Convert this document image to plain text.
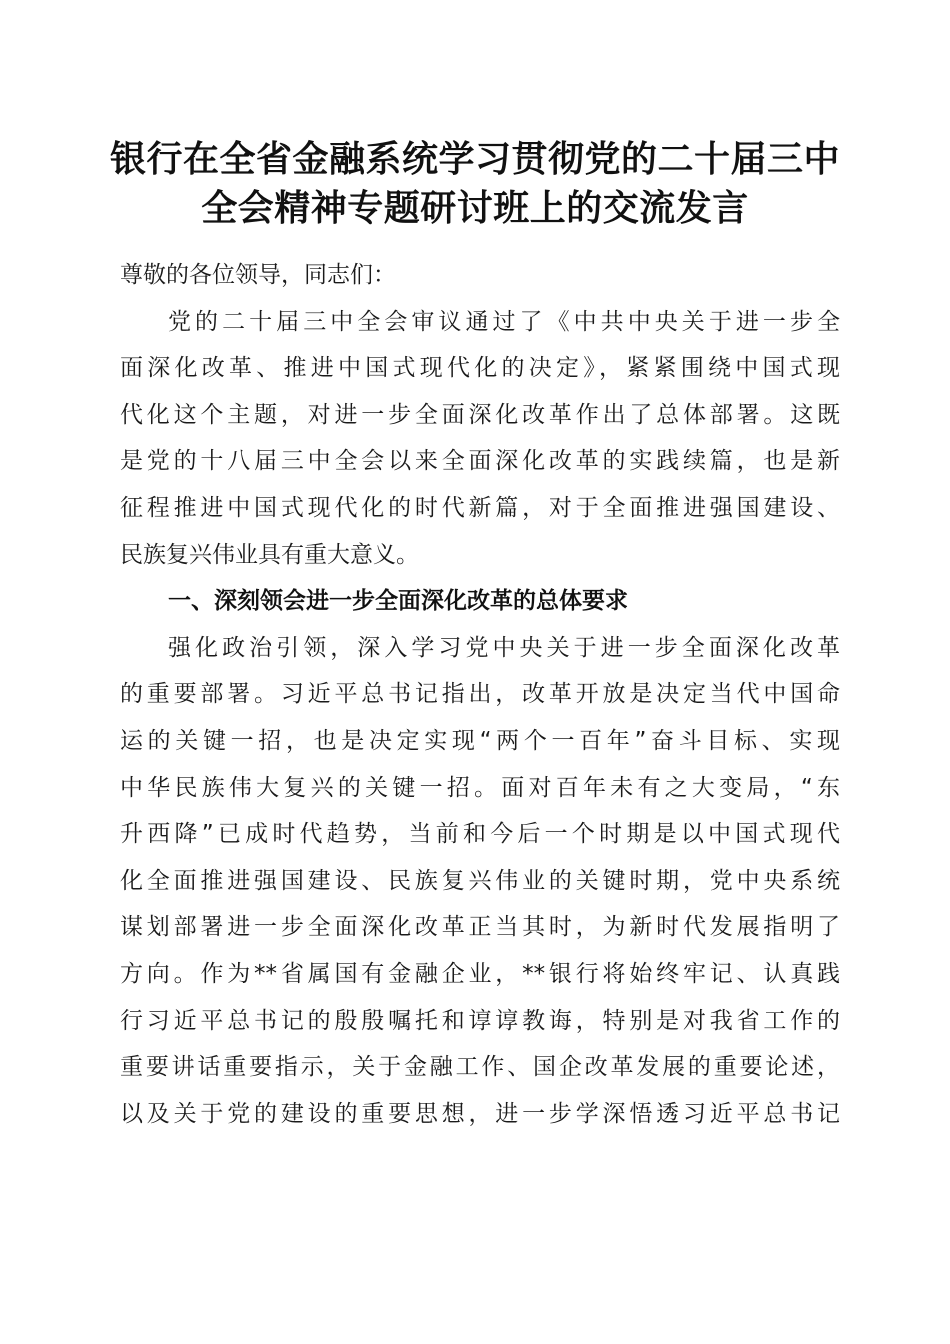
银行在全省金融系统学习贯彻党的二十届三中
全会精神专题研讨班上的交流发言

尊敬的各位领导，同志们：

党的二十届三中全会审议通过了《中共中央关于进一步全

面深化改革、推进中国式现代化的决定》，紧紧围绕中国式现

代化这个主题，对进一步全面深化改革作出了总体部署。这既

是党的十八届三中全会以来全面深化改革的实践续篇，也是新

征程推进中国式现代化的时代新篇，对于全面推进强国建设、

民族复兴伟业具有重大意义。

一、深刻领会进一步全面深化改革的总体要求

强化政治引领，深入学习党中央关于进一步全面深化改革

的重要部署。习近平总书记指出，改革开放是决定当代中国命

运的关键一招，也是决定实现“两个一百年”奋斗目标、实现

中华民族伟大复兴的关键一招。面对百年未有之大变局，“东

升西降”已成时代趋势，当前和今后一个时期是以中国式现代

化全面推进强国建设、民族复兴伟业的关键时期，党中央系统

谋划部署进一步全面深化改革正当其时，为新时代发展指明了

方向。作为**省属国有金融企业，**银行将始终牢记、认真践

行习近平总书记的殷殷嘱托和谆谆教诲，特别是对我省工作的

重要讲话重要指示，关于金融工作、国企改革发展的重要论述，

以及关于党的建设的重要思想，进一步学深悟透习近平总书记
